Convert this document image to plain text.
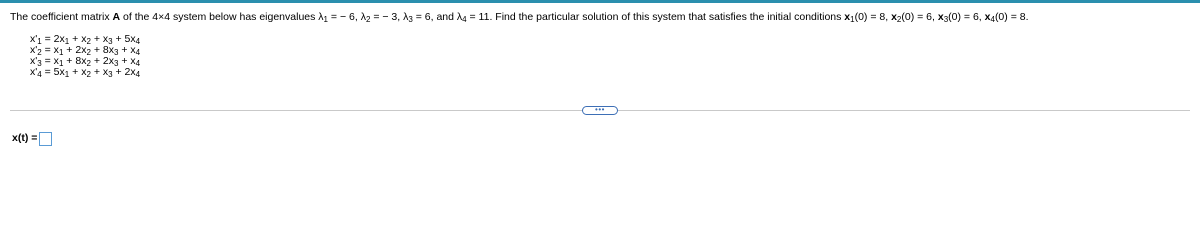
The coefficient matrix A of the 4×4 system below has eigenvalues $\lambda_1$ = − 6, $\lambda_2$ = − 3, $\lambda_3 = 6$, and $\lambda_4 = 11$. Find the particular solution of this system that satisfies the initial conditions $x_1(0) = 8$, $x_2(0) = 6$, $x_3(0) = 6$, $x_4(0) = 8$.
$x'_1 = 2x_1 + x_2 + x_3 + 5x_4$
$x'_2 = x_1 + 2x_2 + 8x_3 + x_4$
$x'_3 = x_1 + 8x_2 + 2x_3 + x_4$
$x'_4 = 5x_1 + x_2 + x_3 + 2x_4$
•••
x(t) =
